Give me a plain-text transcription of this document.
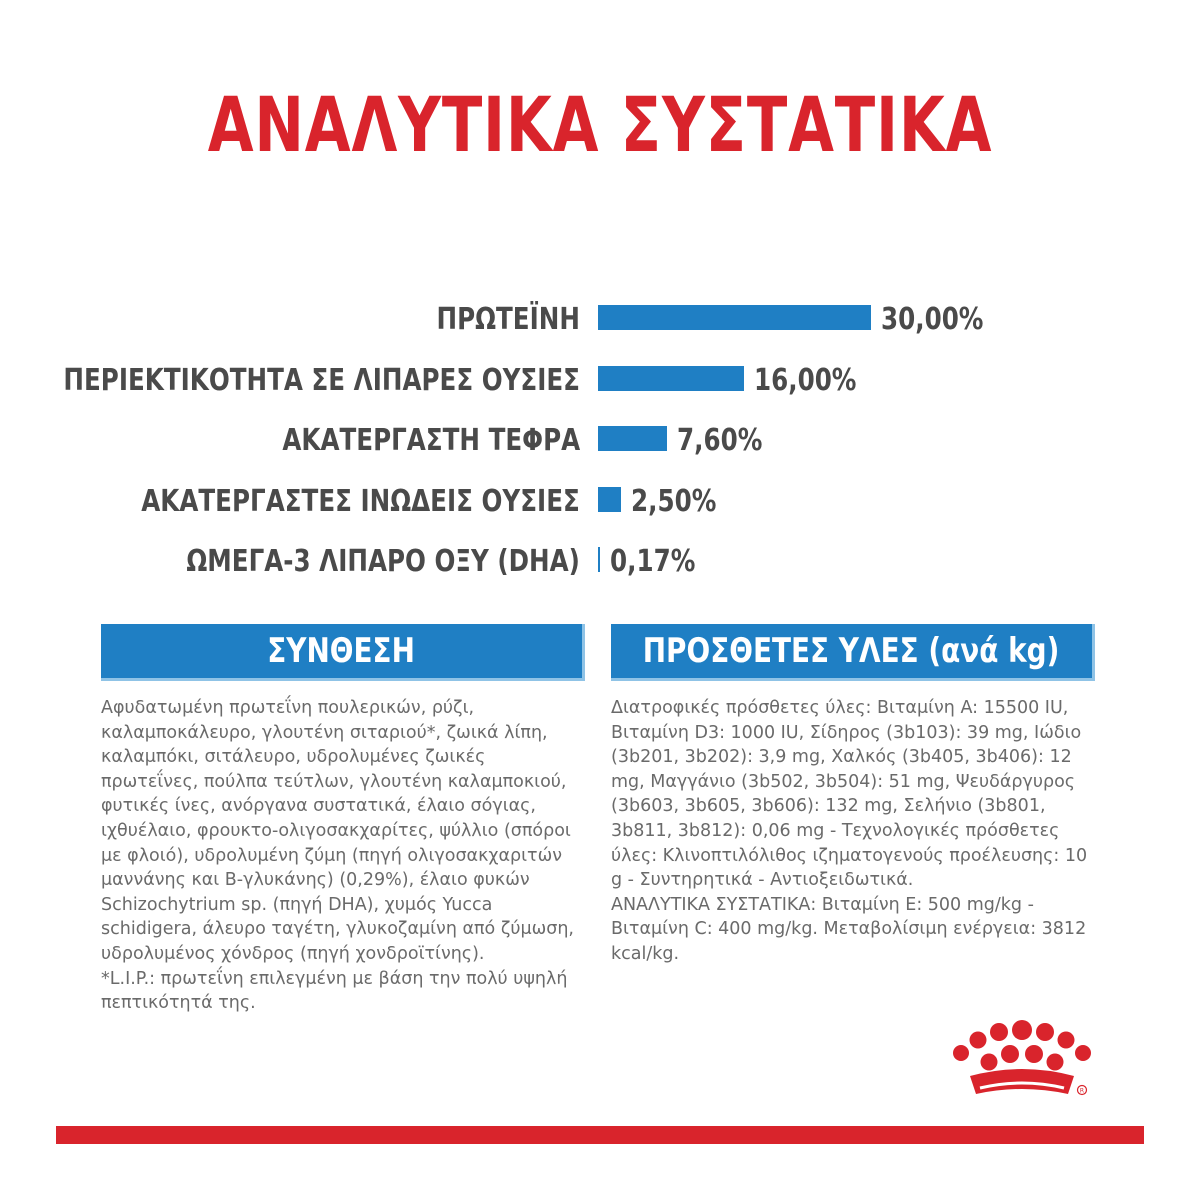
ΑΝΑΛΥΤΙΚΑ ΣΥΣΤΑΤΙΚΑ
ΠΡΩΤΕΪΝΗ	30,00%
ΠΕΡΙΕΚΤΙΚΟΤΗΤΑ ΣΕ ΛΙΠΑΡΕΣ ΟΥΣΙΕΣ	16,00%
ΑΚΑΤΕΡΓΑΣΤΗ ΤΕΦΡΑ	7,60%
ΑΚΑΤΕΡΓΑΣΤΕΣ ΙΝΩΔΕΙΣ ΟΥΣΙΕΣ 2,50%
ΩΜΕΓΑ-3 ΛΙΠΑΡΟ ΟΞΥ (DHA) 0,17%
ΣΥΝΘΕΣΗ

Αφυδατωμένη πρωτεΐνη πουλερικών, ρύζι, καλαμποκάλευρο, γλουτένη σιταριού*, ζωικά λίπη, καλαμπόκι, σιτάλευρο, υδρολυμένες ζωικές πρωτεΐνες, πούλπα τεύτλων, γλουτένη καλαμποκιού, φυτικές ίνες, ανόργανα συστατικά, έλαιο σόγιας, ιχθυέλαιο, φρουκτο-ολιγοσακχαρίτες, ψύλλιο (σπόροι με φλοιό), υδρολυμένη ζύμη (πηγή ολιγοσακχαριτών μαννάνης και Β-γλυκάνης) (0,29%), έλαιο φυκών Schizochytrium sp. (πηγή DHA), χυμός Yucca schidigera, άλευρο ταγέτη, γλυκοζαμίνη από ζύμωση, υδρολυμένος χόνδρος (πηγή χονδροϊτίνης).

*L.I.P.: πρωτεΐνη επιλεγμένη με βάση την πολύ υψηλή πεπτικότητά της.

ΠΡΟΣΘΕΤΕΣ ΥΛΕΣ (ανά kg)

Διατροφικές πρόσθετες ύλες: Βιταμίνη A: 15500 IU, Βιταμίνη D3: 1000 IU, Σίδηρος (3b103): 39 mg, Ιώδιο (3b201, 3b202): 3,9 mg, Χαλκός (3b405, 3b406): 12 mg, Μαγγάνιο (3b502, 3b504): 51 mg, Ψευδάργυρος (3b603, 3b605, 3b606): 132 mg, Σελήνιο (3b801, 3b811, 3b812): 0,06 mg - Τεχνολογικές πρόσθετες ύλες: Κλινοπτιλόλιθος ιζηματογενούς προέλευσης: 10 g - Συντηρητικά - Αντιοξειδωτικά.

ΑΝΑΛΥΤΙΚΑ ΣΥΣΤΑΤΙΚΑ: Βιταμίνη E: 500 mg/kg - Βιταμίνη C: 400 mg/kg. Μεταβολίσιμη ενέργεια: 3812 kcal/kg.

R
